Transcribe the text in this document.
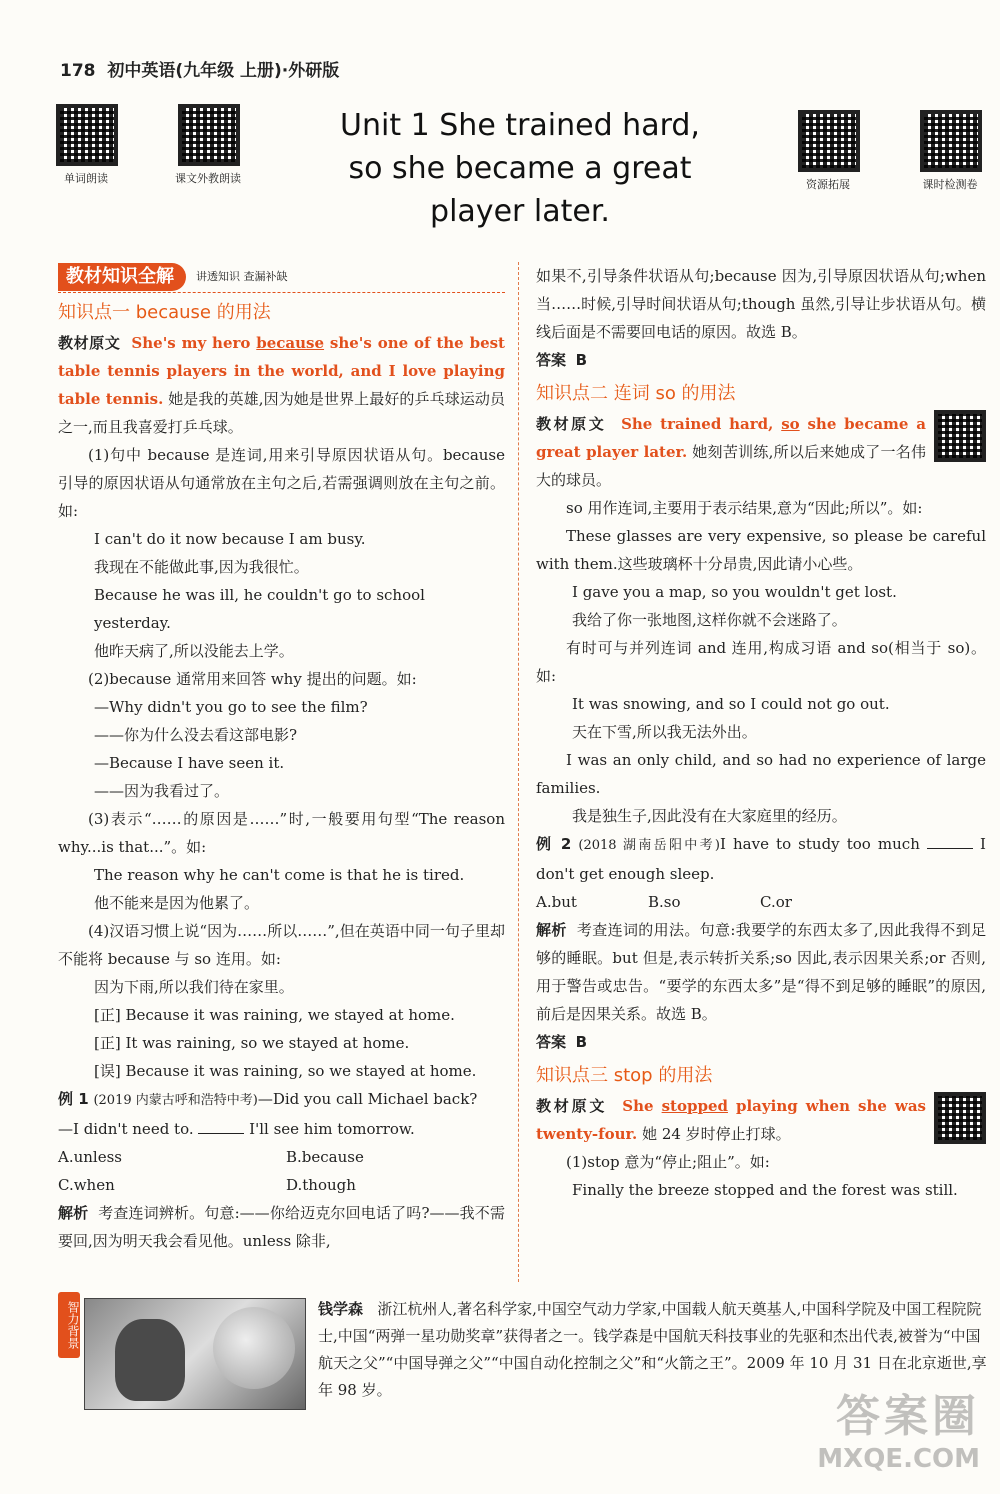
178 初中英语(九年级 上册)·外研版
单词朗读	课文外教朗读	资源拓展	课时检测卷
Unit 1 She trained hard,
so she became a great
player later.
教材知识全解	讲透知识 查漏补缺
知识点一 because 的用法

教材原文 She's my hero because she's one of the best table tennis players in the world, and I love playing table tennis. 她是我的英雄,因为她是世界上最好的乒乓球运动员之一,而且我喜爱打乒乓球。

(1)句中 because 是连词,用来引导原因状语从句。because 引导的原因状语从句通常放在主句之后,若需强调则放在主句之前。如:

I can't do it now because I am busy.

我现在不能做此事,因为我很忙。

Because he was ill, he couldn't go to school yesterday.

他昨天病了,所以没能去上学。

(2)because 通常用来回答 why 提出的问题。如:

—Why didn't you go to see the film?

——你为什么没去看这部电影?

—Because I have seen it.

——因为我看过了。

(3)表示“……的原因是……”时,一般要用句型“The reason why...is that...”。如:

The reason why he can't come is that he is tired.

他不能来是因为他累了。

(4)汉语习惯上说“因为……所以……”,但在英语中同一句子里却不能将 because 与 so 连用。如:

因为下雨,所以我们待在家里。

[正] Because it was raining, we stayed at home.

[正] It was raining, so we stayed at home.

[误] Because it was raining, so we stayed at home.

例 1 (2019 内蒙古呼和浩特中考)—Did you call Michael back?

—I didn't need to.	I'll see him tomorrow.

A.unless	B.because
C.when	D.though

解析 考查连词辨析。句意:——你给迈克尔回电话了吗?——我不需要回,因为明天我会看见他。unless 除非,

如果不,引导条件状语从句;because 因为,引导原因状语从句;when 当……时候,引导时间状语从句;though 虽然,引导让步状语从句。横线后面是不需要回电话的原因。故选 B。

答案 B

知识点二 连词 so 的用法

教材原文 She trained hard, so she became a great player later. 她刻苦训练,所以后来她成了一名伟大的球员。

so 用作连词,主要用于表示结果,意为“因此;所以”。如:

These glasses are very expensive, so please be careful with them.这些玻璃杯十分昂贵,因此请小心些。

I gave you a map, so you wouldn't get lost.

我给了你一张地图,这样你就不会迷路了。

有时可与并列连词 and 连用,构成习语 and so(相当于 so)。如:

It was snowing, and so I could not go out.

天在下雪,所以我无法外出。

I was an only child, and so had no experience of large families.

我是独生子,因此没有在大家庭里的经历。

例 2 (2018 湖南岳阳中考)I have to study too much	I don't get enough sleep.

A.but	B.so	C.or

解析 考查连词的用法。句意:我要学的东西太多了,因此我得不到足够的睡眠。but 但是,表示转折关系;so 因此,表示因果关系;or 否则,用于警告或忠告。“要学的东西太多”是“得不到足够的睡眠”的原因,前后是因果关系。故选 B。

答案 B

知识点三 stop 的用法

教材原文 She stopped playing when she was twenty-four. 她 24 岁时停止打球。

(1)stop 意为“停止;阻止”。如:

Finally the breeze stopped and the forest was still.

智力背景	钱学森 浙江杭州人,著名科学家,中国空气动力学家,中国载人航天奠基人,中国科学院及中国工程院院士,中国“两弹一星功勋奖章”获得者之一。钱学森是中国航天科技事业的先驱和杰出代表,被誉为“中国航天之父”“中国导弹之父”“中国自动化控制之父”和“火箭之王”。2009 年 10 月 31 日在北京逝世,享年 98 岁。
答案圈
MXQE.COM
